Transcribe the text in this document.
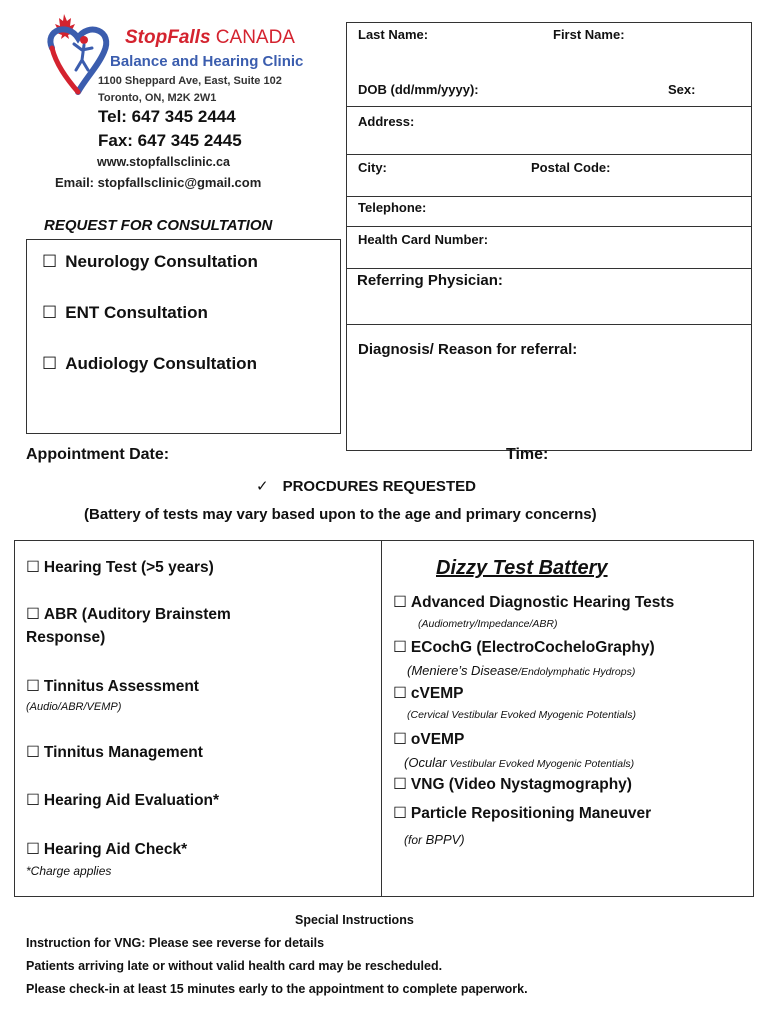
StopFalls CANADA
Balance and Hearing Clinic
1100 Sheppard Ave, East, Suite 102
Toronto, ON, M2K 2W1
Tel: 647 345 2444
Fax: 647 345 2445
www.stopfallsclinic.ca
Email: stopfallsclinic@gmail.com
REQUEST FOR CONSULTATION
☐ Neurology Consultation
☐ ENT Consultation
☐ Audiology Consultation
Last Name:	First Name:
DOB (dd/mm/yyyy):	Sex:
Address:
City:	Postal Code:
Telephone:
Health Card Number:
Referring Physician:
Diagnosis/ Reason for referral:
Appointment Date:	Time:
✓ PROCDURES REQUESTED
(Battery of tests may vary based upon to the age and primary concerns)
☐ Hearing Test (>5 years)
☐ ABR (Auditory Brainstem
Response)
☐ Tinnitus Assessment
(Audio/ABR/VEMP)
☐ Tinnitus Management
☐ Hearing Aid Evaluation*
☐ Hearing Aid Check*
*Charge applies
Dizzy Test Battery
☐ Advanced Diagnostic Hearing Tests
(Audiometry/Impedance/ABR)
☐ ECochG (ElectroCocheloGraphy)
(Meniere’s Disease/Endolymphatic Hydrops)
☐ cVEMP
(Cervical Vestibular Evoked Myogenic Potentials)
☐ oVEMP
(Ocular Vestibular Evoked Myogenic Potentials)
☐ VNG (Video Nystagmography)
☐ Particle Repositioning Maneuver
(for BPPV)
Special Instructions
Instruction for VNG: Please see reverse for details
Patients arriving late or without valid health card may be rescheduled.
Please check-in at least 15 minutes early to the appointment to complete paperwork.
